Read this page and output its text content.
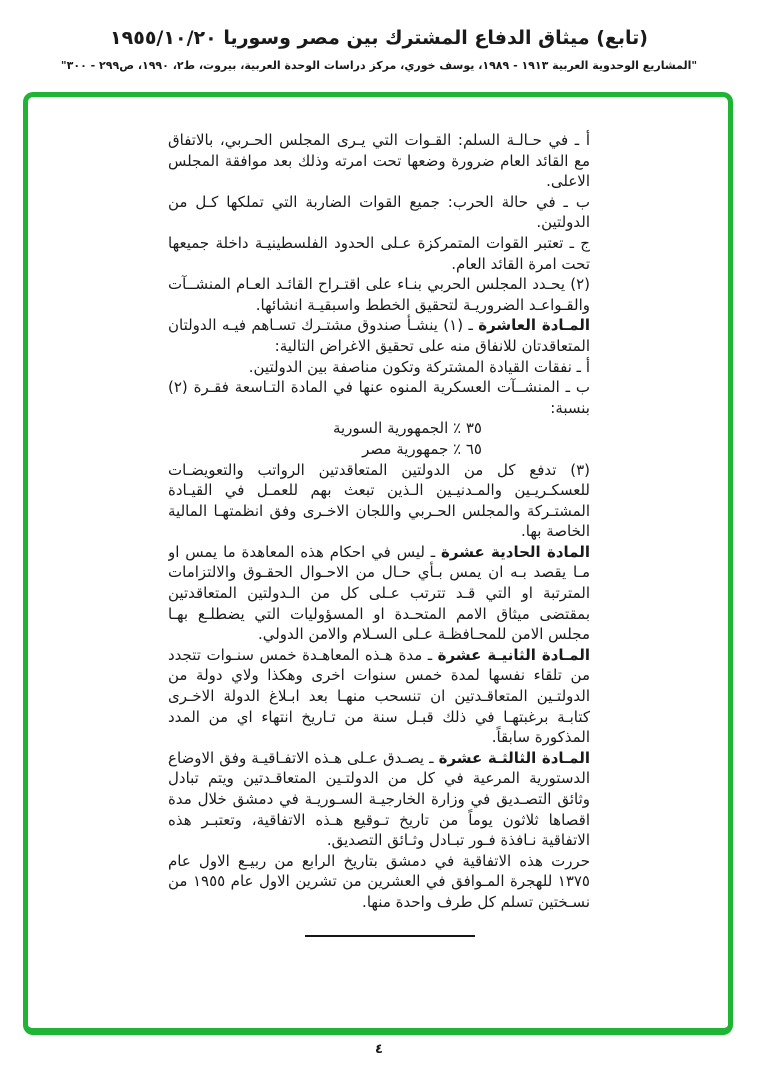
(تابع) ميثاق الدفاع المشترك بين مصر وسوريا ١٩٥٥/١٠/٢٠
"المشاريع الوحدوية العربية ١٩١٣ - ١٩٨٩، يوسف خوري، مركز دراسات الوحدة العربية، بيروت، ط٢، ١٩٩٠، ص٢٩٩ - ٣٠٠"

أ ـ في حـالـة السلم: القـوات التي يـرى المجلس الحـربي، بالاتفاق مع القائد العام ضرورة وضعها تحت امرته وذلك بعد موافقة المجلس الاعلى.

ب ـ في حالة الحرب: جميع القوات الضاربة التي تملكها كـل من الدولتين.

ج ـ تعتبر القوات المتمركزة عـلى الحدود الفلسطينيـة داخلة جميعها تحت امرة القائد العام.

(٢) يحـدد المجلس الحربي بنـاء على اقتـراح القائـد العـام المنشــآت والقـواعـد الضروريـة لتحقيق الخطط واسبقيـة انشائها.

المـادة العاشرة ـ (١) ينشـأ صندوق مشتـرك تسـاهم فيـه الدولتان المتعاقدتان للانفاق منه على تحقيق الاغراض التالية:

أ ـ نفقات القيادة المشتركة وتكون مناصفة بين الدولتين.

ب ـ المنشــآت العسكرية المنوه عنها في المادة التـاسعة فقـرة (٢) بنسبة:

٣٥ ٪ الجمهورية السورية

٦٥ ٪ جمهورية مصر

(٣) تدفع كل من الدولتين المتعاقدتين الرواتب والتعويضـات للعسكـريـين والمـدنيـين الـذين تبعث بهم للعمـل في القيـادة المشتـركة والمجلس الحـربي واللجان الاخـرى وفق انظمتهـا المالية الخاصة بها.

المادة الحادية عشرة ـ ليس في احكام هذه المعاهدة ما يمس او مـا يقصد بـه ان يمس بـأي حـال من الاحـوال الحقـوق والالتزامات المترتبة او التي قـد تترتب عـلى كل من الـدولتين المتعاقدتين بمقتضى ميثاق الامم المتحـدة او المسؤوليات التي يضطلـع بهـا مجلس الامن للمحـافظـة عـلى السـلام والامن الدولي.

المـادة الثانيـة عشرة ـ مدة هـذه المعاهـدة خمس سنـوات تتجدد من تلقاء نفسها لمدة خمس سنوات اخرى وهكذا ولاي دولة من الدولتـين المتعاقـدتين ان تنسحب منهـا بعد ابـلاغ الدولة الاخـرى كتابـة برغبتهـا في ذلك قبـل سنة من تـاريخ انتهاء اي من المدد المذكورة سابقاً.

المـادة الثالثـة عشرة ـ يصـدق عـلى هـذه الاتفـاقيـة وفق الاوضاع الدستورية المرعية في كل من الدولتـين المتعاقـدتين ويتم تبادل وثائق التصـديق في وزارة الخارجيـة السـوريـة في دمشق خلال مدة اقصاها ثلاثون يوماً من تاريخ تـوقيع هـذه الاتفاقية، وتعتبـر هذه الاتفاقية نـافذة فـور تبـادل وثـائق التصديق.

حررت هذه الاتفاقية في دمشق بتاريخ الرابع من ربيـع الاول عام ١٣٧٥ للهجرة المـوافق في العشرين من تشرين الاول عام ١٩٥٥ من نسـختين تسلم كل طرف واحدة منها.

٤
